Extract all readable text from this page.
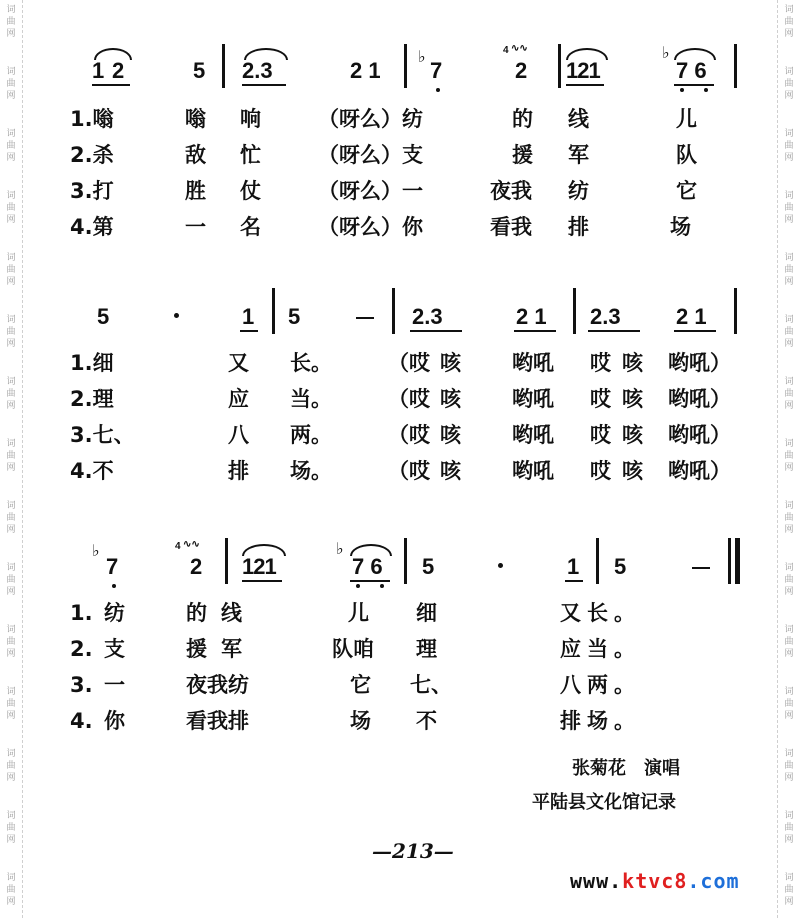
词
曲
网
词
曲
网
词
曲
网
词
曲
网
词
曲
网
词
曲
网
词
曲
网
词
曲
网
词
曲
网
词
曲
网
词
曲
网
词
曲
网
词
曲
网
词
曲
网
词
曲
网
词
曲
网
词
曲
网
词
曲
网
词
曲
网
词
曲
网
词
曲
网
词
曲
网
词
曲
网
词
曲
网
词
曲
网
词
曲
网
词
曲
网
词
曲
网
词
曲
网
词
曲
网
1 2	5 2.3	2 1
♭
7
4 ∿∿
2 121
♭
7 6
1.嗡	嗡 响	（呀么）纺	的 线	儿
2.杀	敌 忙	（呀么）支	援 军	队
3.打	胜 仗	（呀么）一	夜我 纺	它
4.第	一 名	（呀么）你	看我 排	场
5	1 5	2.3	2 1 2.3	2 1
1.细	又 长。	（哎 咳 哟吼 哎 咳 哟吼）
2.理	应 当。	（哎 咳 哟吼 哎 咳 哟吼）
3.七、	八 两。	（哎 咳 哟吼 哎 咳 哟吼）
4.不	排 场。	（哎 咳 哟吼 哎 咳 哟吼）
♭
7
4 ∿∿
2 121
♭
7 6 5	1 5
1. 纺	的线	儿 细	又长。
2. 支	援军	队咱 理	应当。
3. 一	夜我纺	它 七、	八两。
4. 你	看我排	场 不	排场。
张菊花　演唱
平陆县文化馆记录
—213—
www.ktvc8.com
